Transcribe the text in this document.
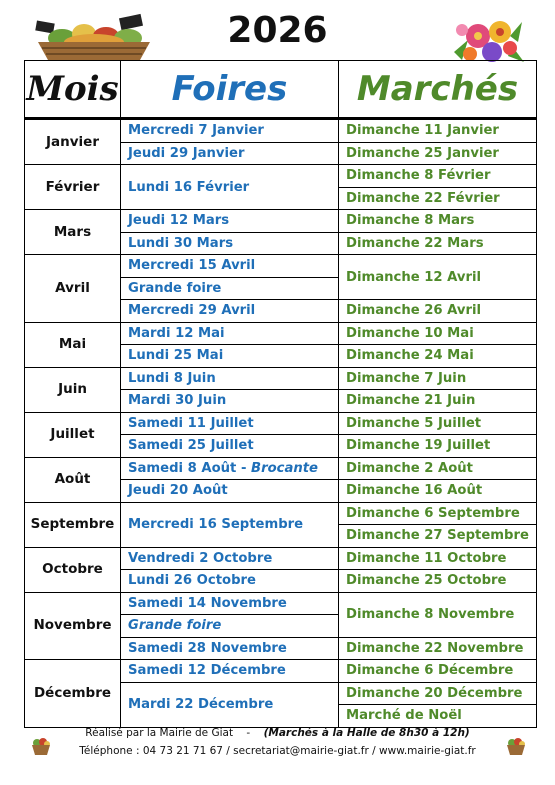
2026
Mois	Foires	Marchés
Janvier	Mercredi 7 Janvier	Dimanche 11 Janvier
	Jeudi 29 Janvier	Dimanche 25 Janvier
Février	Lundi 16 Février	Dimanche 8 Février
		Dimanche 22 Février
Mars	Jeudi 12 Mars	Dimanche 8 Mars
	Lundi 30 Mars	Dimanche 22 Mars
Avril	Mercredi 15 Avril	Dimanche 12 Avril
	Grande foire	
	Mercredi 29 Avril	Dimanche 26 Avril
Mai	Mardi 12 Mai	Dimanche 10 Mai
	Lundi 25 Mai	Dimanche 24 Mai
Juin	Lundi 8 Juin	Dimanche 7 Juin
	Mardi 30 Juin	Dimanche 21 Juin
Juillet	Samedi 11 Juillet	Dimanche 5 Juillet
	Samedi 25 Juillet	Dimanche 19 Juillet
Août	Samedi 8 Août - Brocante	Dimanche 2 Août
	Jeudi 20 Août	Dimanche 16 Août
Septembre	Mercredi 16 Septembre	Dimanche 6 Septembre
		Dimanche 27 Septembre
Octobre	Vendredi 2 Octobre	Dimanche 11 Octobre
	Lundi 26 Octobre	Dimanche 25 Octobre
Novembre	Samedi 14 Novembre	Dimanche 8 Novembre
	Grande foire	
	Samedi 28 Novembre	Dimanche 22 Novembre
Décembre	Samedi 12 Décembre	Dimanche 6 Décembre
	Mardi 22 Décembre	Dimanche 20 Décembre
		Marché de Noël
Réalisé par la Mairie de Giat - (Marchés à la Halle de 8h30 à 12h)
Téléphone : 04 73 21 71 67 / secretariat@mairie-giat.fr / www.mairie-giat.fr
